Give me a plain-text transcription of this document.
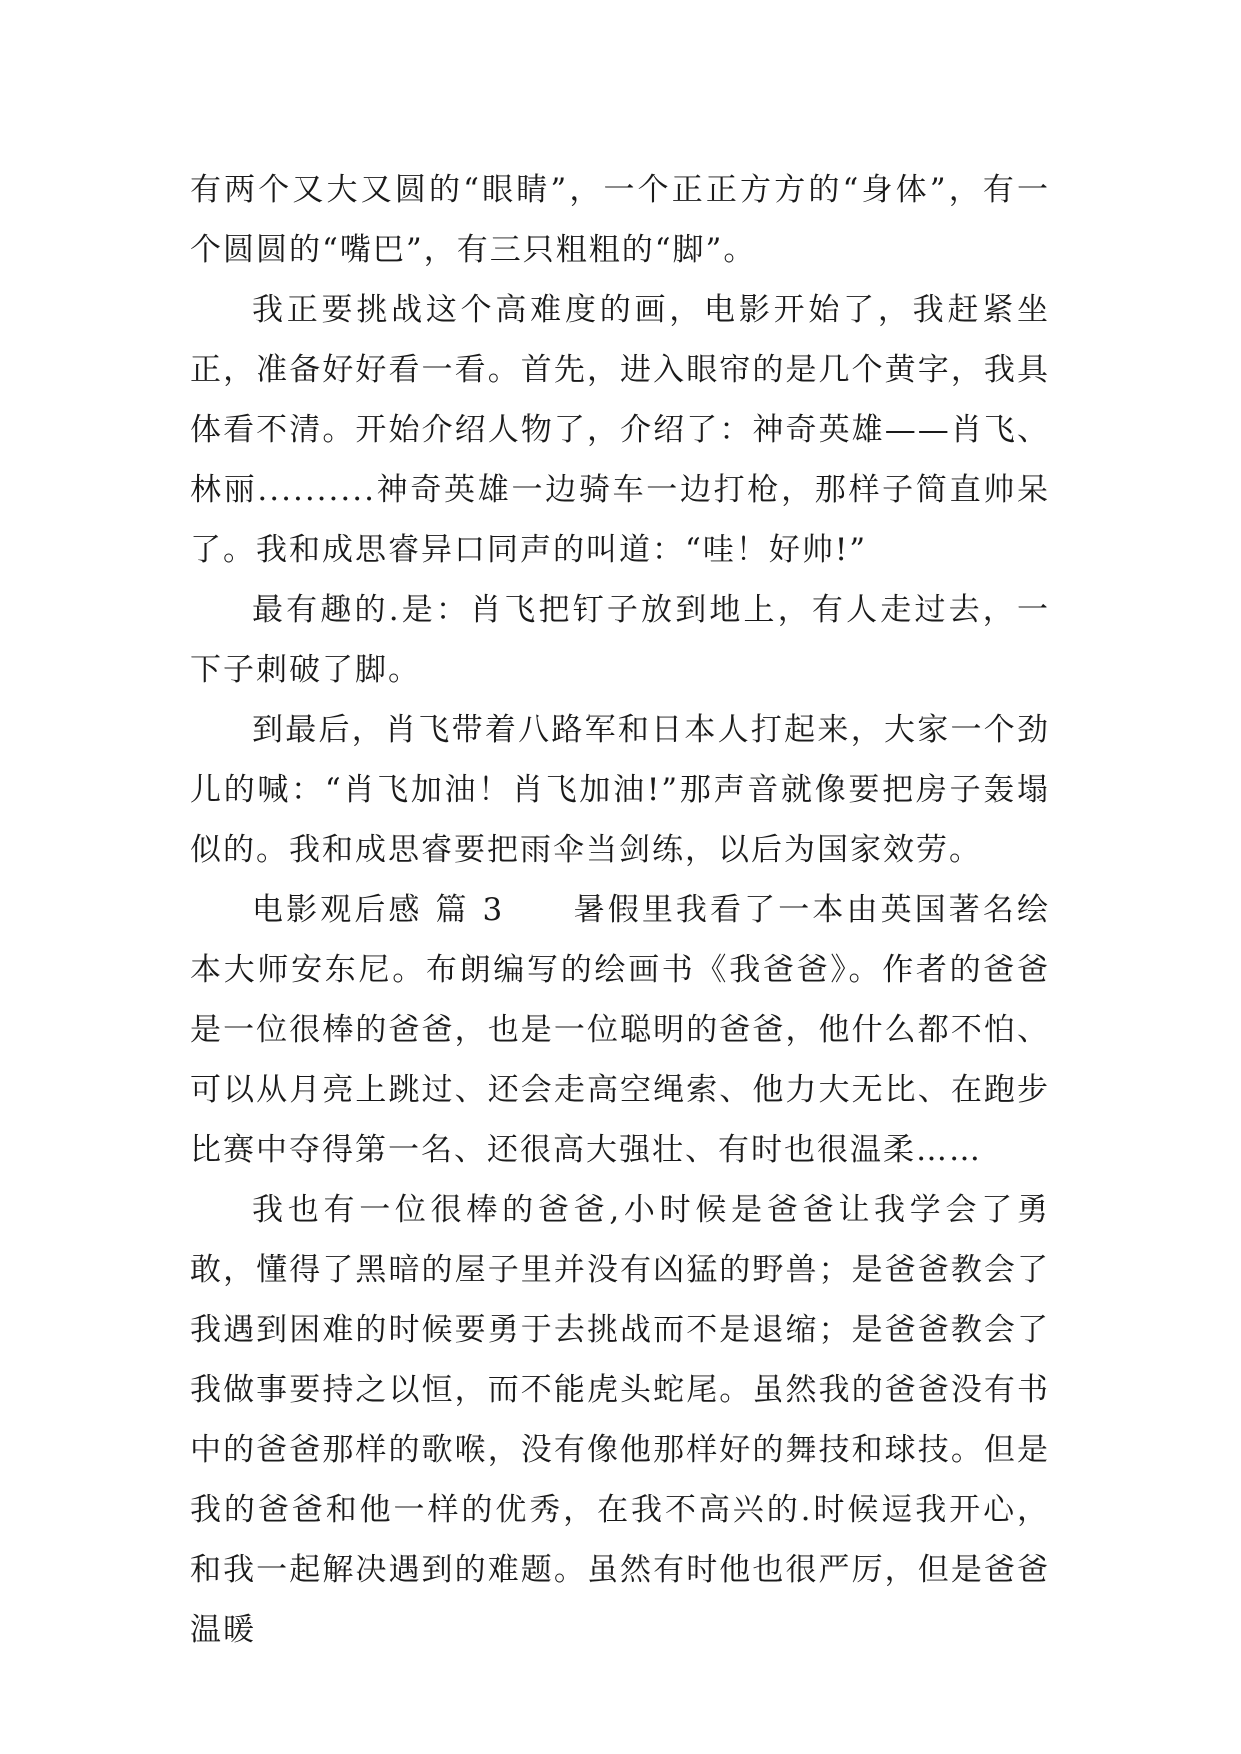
有两个又大又圆的“眼睛”，一个正正方方的“身体”，有一个圆圆的“嘴巴”，有三只粗粗的“脚”。

我正要挑战这个高难度的画，电影开始了，我赶紧坐正，准备好好看一看。首先，进入眼帘的是几个黄字，我具体看不清。开始介绍人物了，介绍了：神奇英雄——肖飞、林丽..........神奇英雄一边骑车一边打枪，那样子简直帅呆了。我和成思睿异口同声的叫道：“哇！好帅!”

最有趣的.是：肖飞把钉子放到地上，有人走过去，一下子刺破了脚。

到最后，肖飞带着八路军和日本人打起来，大家一个劲儿的喊：“肖飞加油！肖飞加油!”那声音就像要把房子轰塌似的。我和成思睿要把雨伞当剑练，以后为国家效劳。

电影观后感 篇 3　　暑假里我看了一本由英国著名绘本大师安东尼。布朗编写的绘画书《我爸爸》。作者的爸爸是一位很棒的爸爸，也是一位聪明的爸爸，他什么都不怕、可以从月亮上跳过、还会走高空绳索、他力大无比、在跑步比赛中夺得第一名、还很高大强壮、有时也很温柔……

我也有一位很棒的爸爸,小时候是爸爸让我学会了勇敢，懂得了黑暗的屋子里并没有凶猛的野兽；是爸爸教会了我遇到困难的时候要勇于去挑战而不是退缩；是爸爸教会了我做事要持之以恒，而不能虎头蛇尾。虽然我的爸爸没有书中的爸爸那样的歌喉，没有像他那样好的舞技和球技。但是我的爸爸和他一样的优秀，在我不高兴的.时候逗我开心，和我一起解决遇到的难题。虽然有时他也很严厉，但是爸爸温暖
